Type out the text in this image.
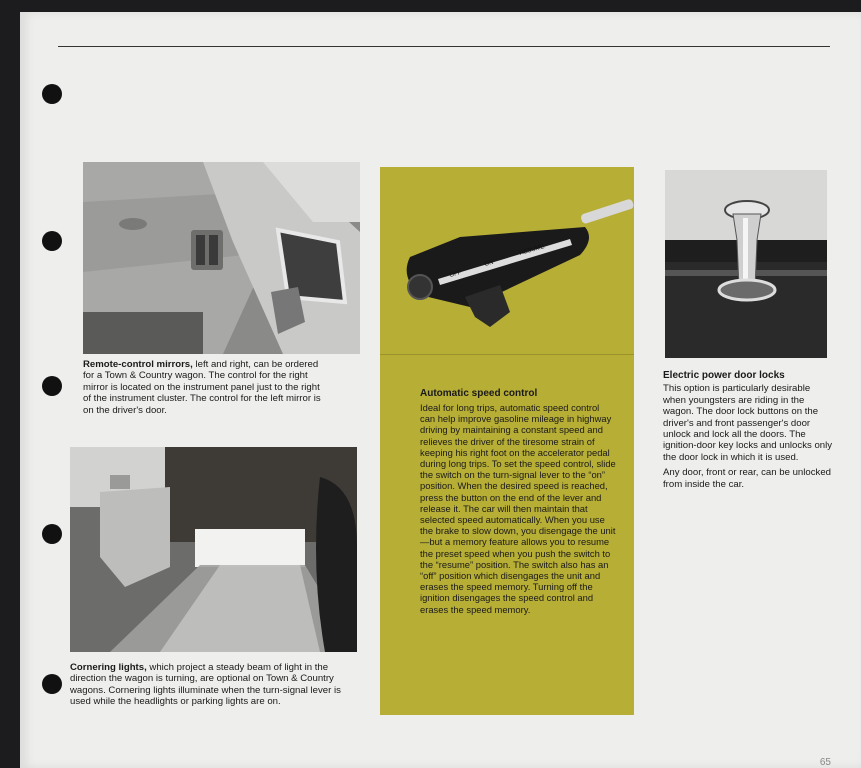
Remote-control mirrors, left and right, can be ordered for a Town & Country wagon. The control for the right mirror is located on the instrument panel just to the right of the instrument cluster. The control for the left mirror is on the driver's door.
Cornering lights, which project a steady beam of light in the direction the wagon is turning, are optional on Town & Country wagons. Cornering lights illuminate when the turn-signal lever is used while the headlights or parking lights are on.
OFF
ON
RESUME
Automatic speed control
Ideal for long trips, automatic speed control can help improve gasoline mileage in highway driving by maintaining a constant speed and relieves the driver of the tiresome strain of keeping his right foot on the accelerator pedal during long trips. To set the speed control, slide the switch on the turn-signal lever to the “on” position. When the desired speed is reached, press the button on the end of the lever and release it. The car will then maintain that selected speed automatically. When you use the brake to slow down, you disengage the unit—but a memory feature allows you to resume the preset speed when you push the switch to the “resume” position. The switch also has an “off” position which disengages the unit and erases the speed memory. Turning off the ignition disengages the speed control and erases the speed memory.
Electric power door locks
This option is particularly desirable when youngsters are riding in the wagon. The door lock buttons on the driver's and front passenger's door unlock and lock all the doors. The ignition-door key locks and unlocks only the door lock in which it is used.
Any door, front or rear, can be unlocked from inside the car.
65
